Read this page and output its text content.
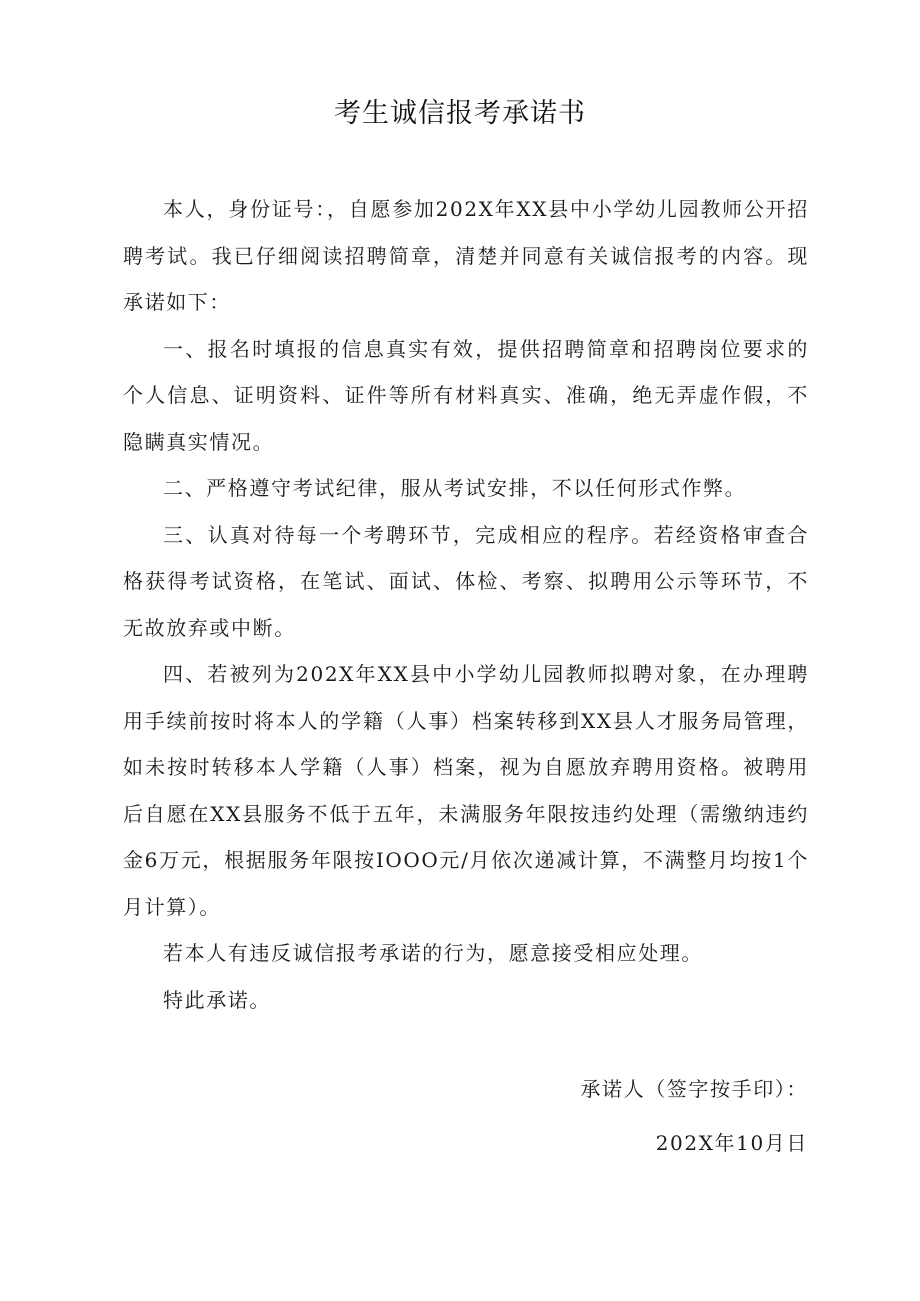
考生诚信报考承诺书

本人，身份证号：，自愿参加202X年XX县中小学幼儿园教师公开招聘考试。我已仔细阅读招聘简章，清楚并同意有关诚信报考的内容。现承诺如下：

一、报名时填报的信息真实有效，提供招聘简章和招聘岗位要求的个人信息、证明资料、证件等所有材料真实、准确，绝无弄虚作假，不隐瞒真实情况。

二、严格遵守考试纪律，服从考试安排，不以任何形式作弊。

三、认真对待每一个考聘环节，完成相应的程序。若经资格审查合格获得考试资格，在笔试、面试、体检、考察、拟聘用公示等环节，不无故放弃或中断。

四、若被列为202X年XX县中小学幼儿园教师拟聘对象，在办理聘用手续前按时将本人的学籍（人事）档案转移到XX县人才服务局管理，如未按时转移本人学籍（人事）档案，视为自愿放弃聘用资格。被聘用后自愿在XX县服务不低于五年，未满服务年限按违约处理（需缴纳违约金6万元，根据服务年限按IOOO元/月依次递减计算，不满整月均按1个月计算）。

若本人有违反诚信报考承诺的行为，愿意接受相应处理。

特此承诺。

承诺人（签字按手印）：
202X年10月日
